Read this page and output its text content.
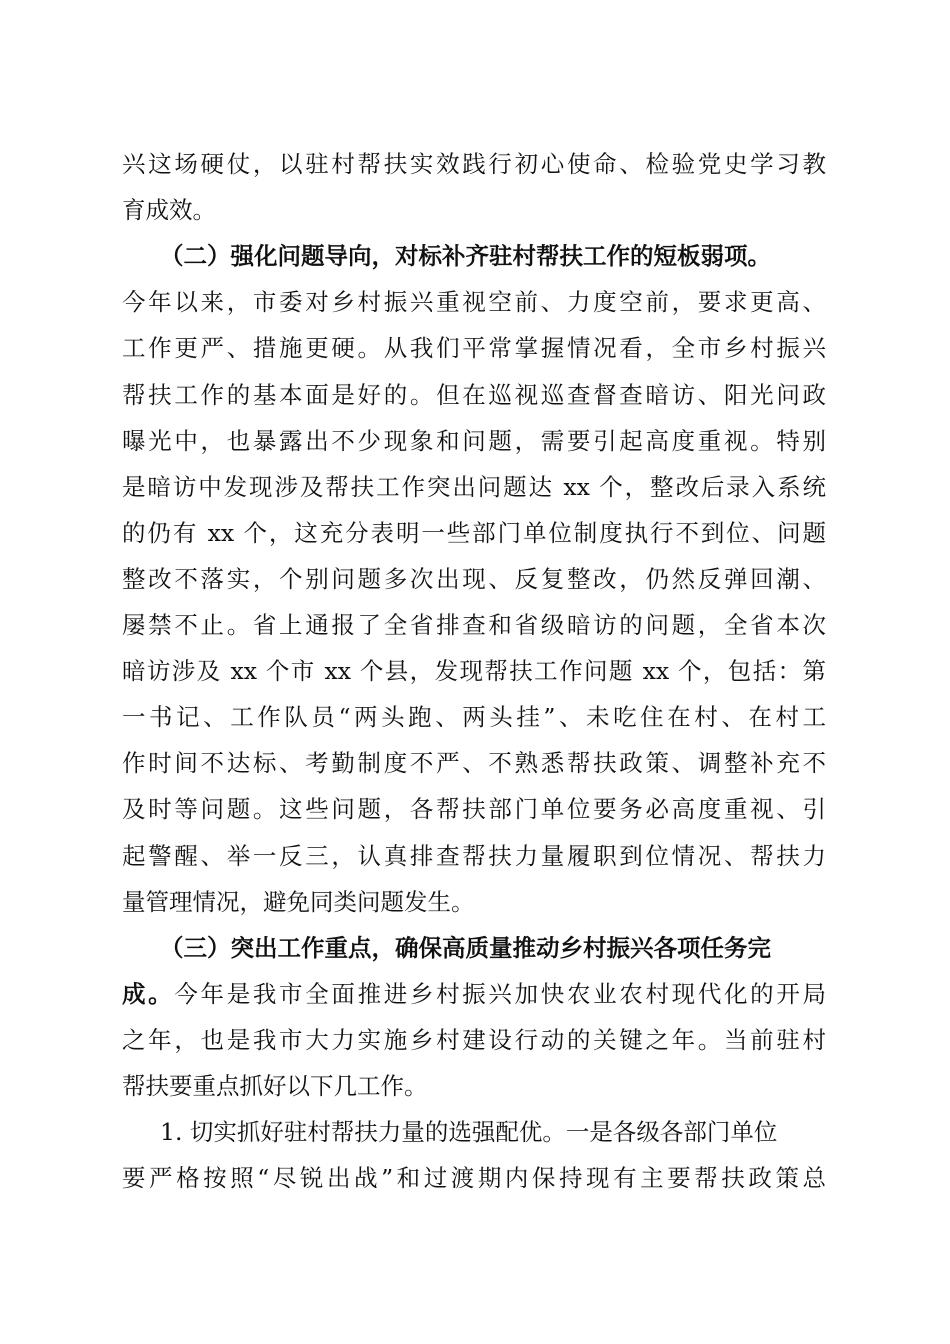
兴这场硬仗，以驻村帮扶实效践行初心使命、检验党史学习教
育成效。
（二）强化问题导向，对标补齐驻村帮扶工作的短板弱项。
今年以来，市委对乡村振兴重视空前、力度空前，要求更高、
工作更严、措施更硬。从我们平常掌握情况看，全市乡村振兴
帮扶工作的基本面是好的。但在巡视巡查督查暗访、阳光问政
曝光中，也暴露出不少现象和问题，需要引起高度重视。特别
是暗访中发现涉及帮扶工作突出问题达 xx 个，整改后录入系统
的仍有 xx 个，这充分表明一些部门单位制度执行不到位、问题
整改不落实，个别问题多次出现、反复整改，仍然反弹回潮、
屡禁不止。省上通报了全省排查和省级暗访的问题，全省本次
暗访涉及 xx 个市 xx 个县，发现帮扶工作问题 xx 个，包括：第
一书记、工作队员“两头跑、两头挂”、未吃住在村、在村工
作时间不达标、考勤制度不严、不熟悉帮扶政策、调整补充不
及时等问题。这些问题，各帮扶部门单位要务必高度重视、引
起警醒、举一反三，认真排查帮扶力量履职到位情况、帮扶力
量管理情况，避免同类问题发生。
（三）突出工作重点，确保高质量推动乡村振兴各项任务完
成。今年是我市全面推进乡村振兴加快农业农村现代化的开局
之年，也是我市大力实施乡村建设行动的关键之年。当前驻村
帮扶要重点抓好以下几工作。
1. 切实抓好驻村帮扶力量的选强配优。一是各级各部门单位
要严格按照“尽锐出战”和过渡期内保持现有主要帮扶政策总
